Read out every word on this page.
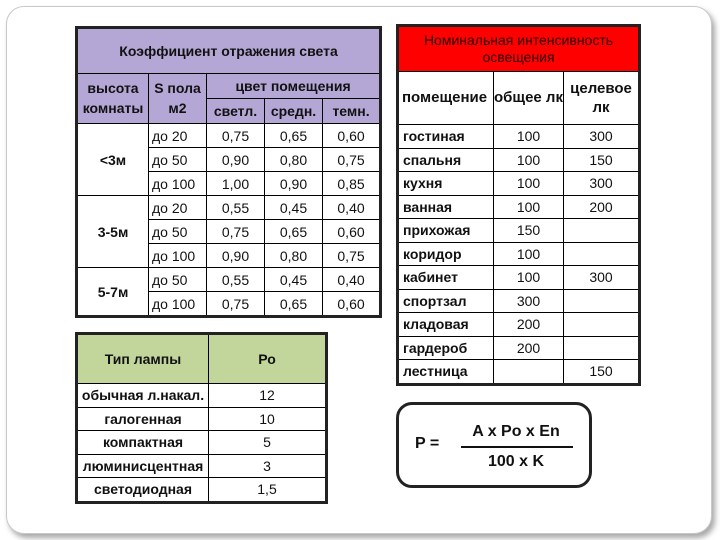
Коэффициент отражения света				
высота комнаты	S пола м2	цвет помещения		
		светл.	средн.	темн.
<3м	до 20	0,75	0,65	0,60
	до 50	0,90	0,80	0,75
	до 100	1,00	0,90	0,85
3-5м	до 20	0,55	0,45	0,40
	до 50	0,75	0,65	0,60
	до 100	0,90	0,80	0,75
5-7м	до 50	0,55	0,45	0,40
	до 100	0,75	0,65	0,60
Тип лампы	Ро
обычная л.накал.	12
галогенная	10
компактная	5
люминисцентная	3
светодиодная	1,5
Номинальная интенсивность освещения		
помещение	общее лк	целевое лк
гостиная	100	300
спальня	100	150
кухня	100	300
ванная	100	200
прихожая	150	
коридор	100	
кабинет	100	300
спортзал	300	
кладовая	200	
гардероб	200	
лестница		150
P =
A x Po x En
100 x K
